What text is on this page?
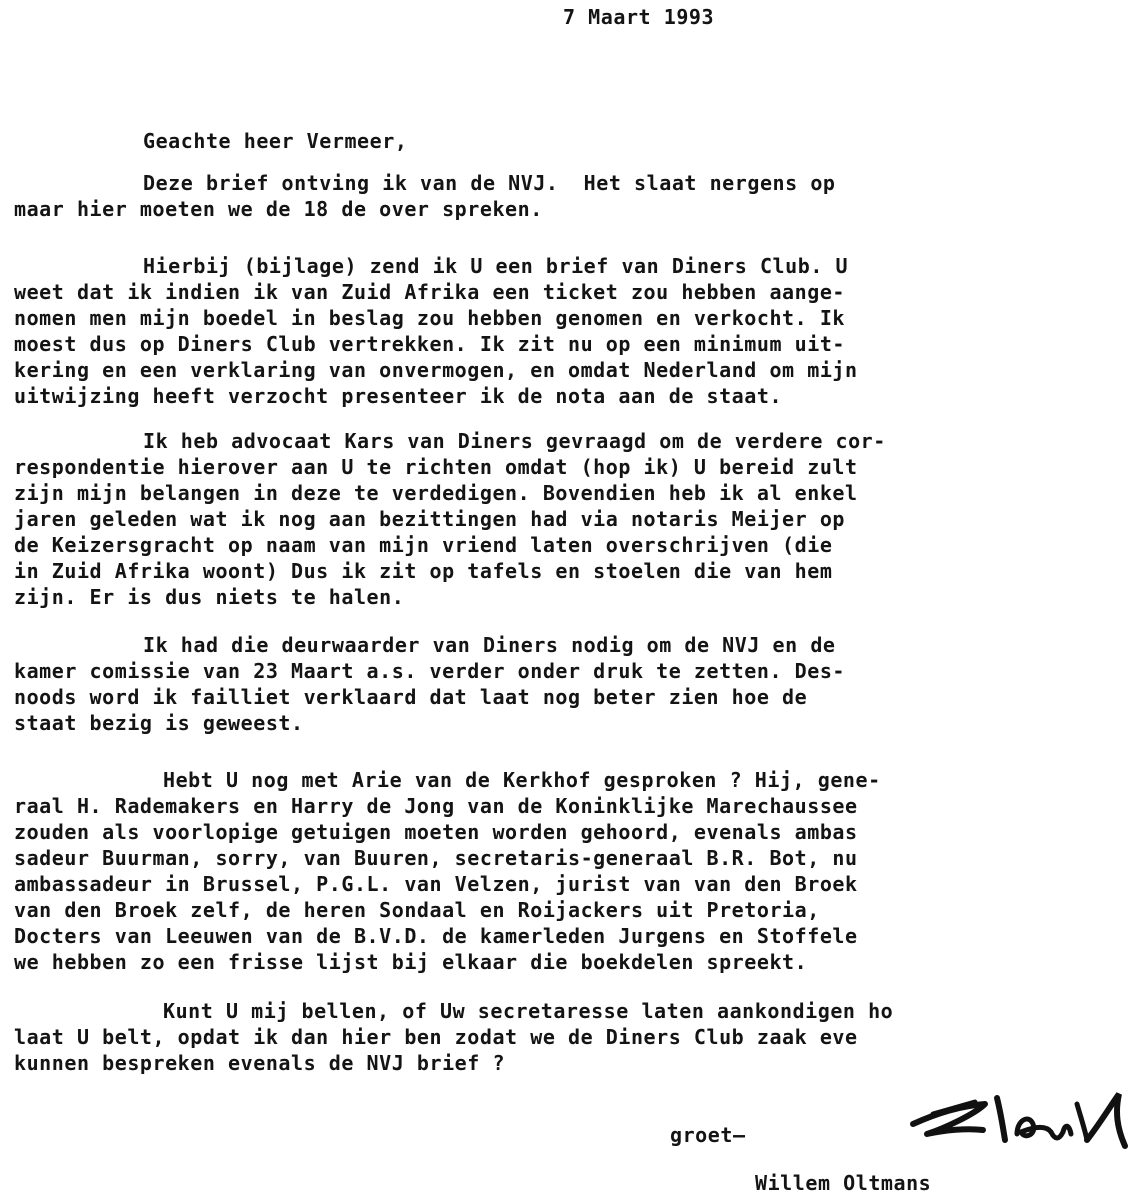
7 Maart 1993
Geachte heer Vermeer,
Deze brief ontving ik van de NVJ.  Het slaat nergens op
maar hier moeten we de 18 de over spreken.
Hierbij (bijlage) zend ik U een brief van Diners Club. U
weet dat ik indien ik van Zuid Afrika een ticket zou hebben aange-
nomen men mijn boedel in beslag zou hebben genomen en verkocht. Ik
moest dus op Diners Club vertrekken. Ik zit nu op een minimum uit-
kering en een verklaring van onvermogen, en omdat Nederland om mijn
uitwijzing heeft verzocht presenteer ik de nota aan de staat.
Ik heb advocaat Kars van Diners gevraagd om de verdere cor-
respondentie hierover aan U te richten omdat (hop ik) U bereid zult
zijn mijn belangen in deze te verdedigen. Bovendien heb ik al enkel
jaren geleden wat ik nog aan bezittingen had via notaris Meijer op
de Keizersgracht op naam van mijn vriend laten overschrijven (die
in Zuid Afrika woont) Dus ik zit op tafels en stoelen die van hem
zijn. Er is dus niets te halen.
Ik had die deurwaarder van Diners nodig om de NVJ en de
kamer comissie van 23 Maart a.s. verder onder druk te zetten. Des-
noods word ik failliet verklaard dat laat nog beter zien hoe de
staat bezig is geweest.
Hebt U nog met Arie van de Kerkhof gesproken ? Hij, gene-
raal H. Rademakers en Harry de Jong van de Koninklijke Marechaussee
zouden als voorlopige getuigen moeten worden gehoord, evenals ambas
sadeur Buurman, sorry, van Buuren, secretaris-generaal B.R. Bot, nu
ambassadeur in Brussel, P.G.L. van Velzen, jurist van van den Broek
van den Broek zelf, de heren Sondaal en Roijackers uit Pretoria,
Docters van Leeuwen van de B.V.D. de kamerleden Jurgens en Stoffele
we hebben zo een frisse lijst bij elkaar die boekdelen spreekt.
Kunt U mij bellen, of Uw secretaresse laten aankondigen ho
laat U belt, opdat ik dan hier ben zodat we de Diners Club zaak eve
kunnen bespreken evenals de NVJ brief ?
groet–
Willem Oltmans
